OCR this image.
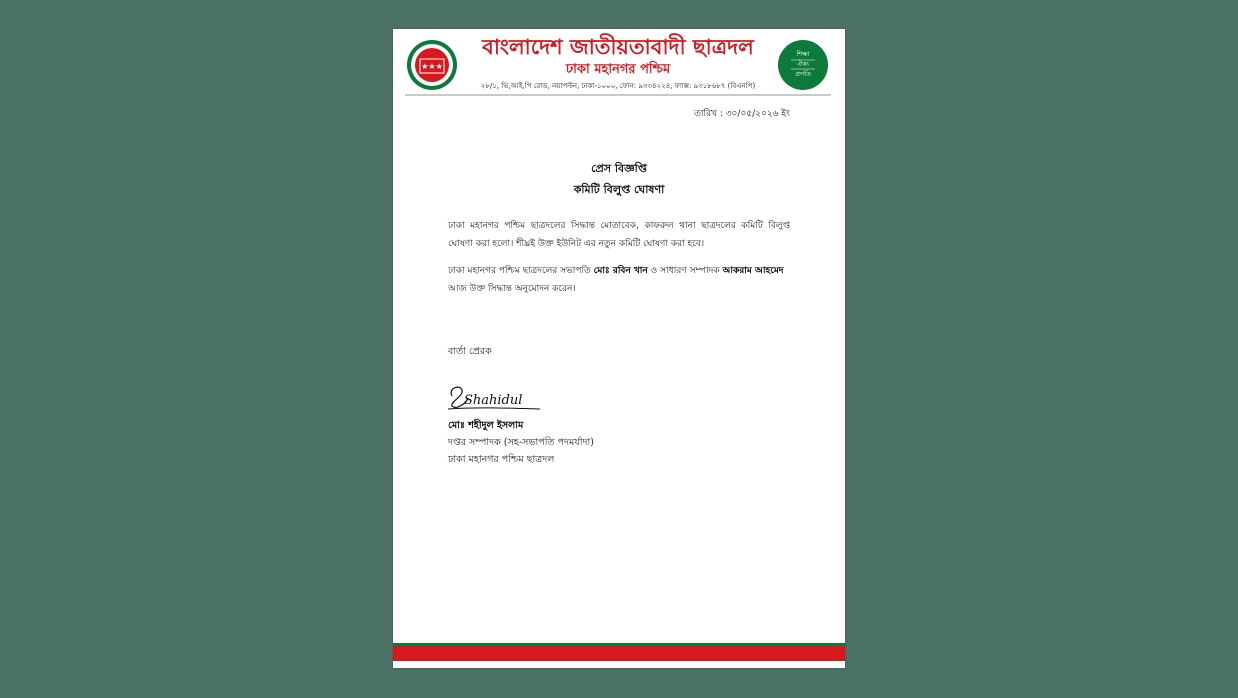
★★★
বাংলাদেশ জাতীয়তাবাদী ছাত্রদল
ঢাকা মহানগর পশ্চিম
২৮/১, ভি,আই,পি রোড, নয়াপল্টন, ঢাকা-১০০০, ফোন: ৯৩৩৪২২৪, ফ্যাক্স: ৯৩১৮৬৮৭ (বিএনপি)
শিক্ষা
ঐক্য
প্রগতি
তারিখ : ৩০/০৫/২০২৬ ইং
প্রেস বিজ্ঞপ্তি
কমিটি বিলুপ্ত ঘোষণা
ঢাকা মহানগর পশ্চিম ছাত্রদলের সিদ্ধান্ত মোতাবেক, কাফরুল থানা ছাত্রদলের কমিটি বিলুপ্ত ঘোষণা করা হলো। শীঘ্রই উক্ত ইউনিট এর নতুন কমিটি ঘোষণা করা হবে।
ঢাকা মহানগর পশ্চিম ছাত্রদলের সভাপতি মোঃ রবিন খান ও সাধারণ সম্পাদক আকরাম আহমেদ আজ উক্ত সিদ্ধান্ত অনুমোদন করেন।
বার্তা প্রেরক
Shahidul
মোঃ শহীদুল ইসলাম
দপ্তর সম্পাদক (সহ-সভাপতি পদমর্যাদা)
ঢাকা মহানগর পশ্চিম ছাত্রদল
